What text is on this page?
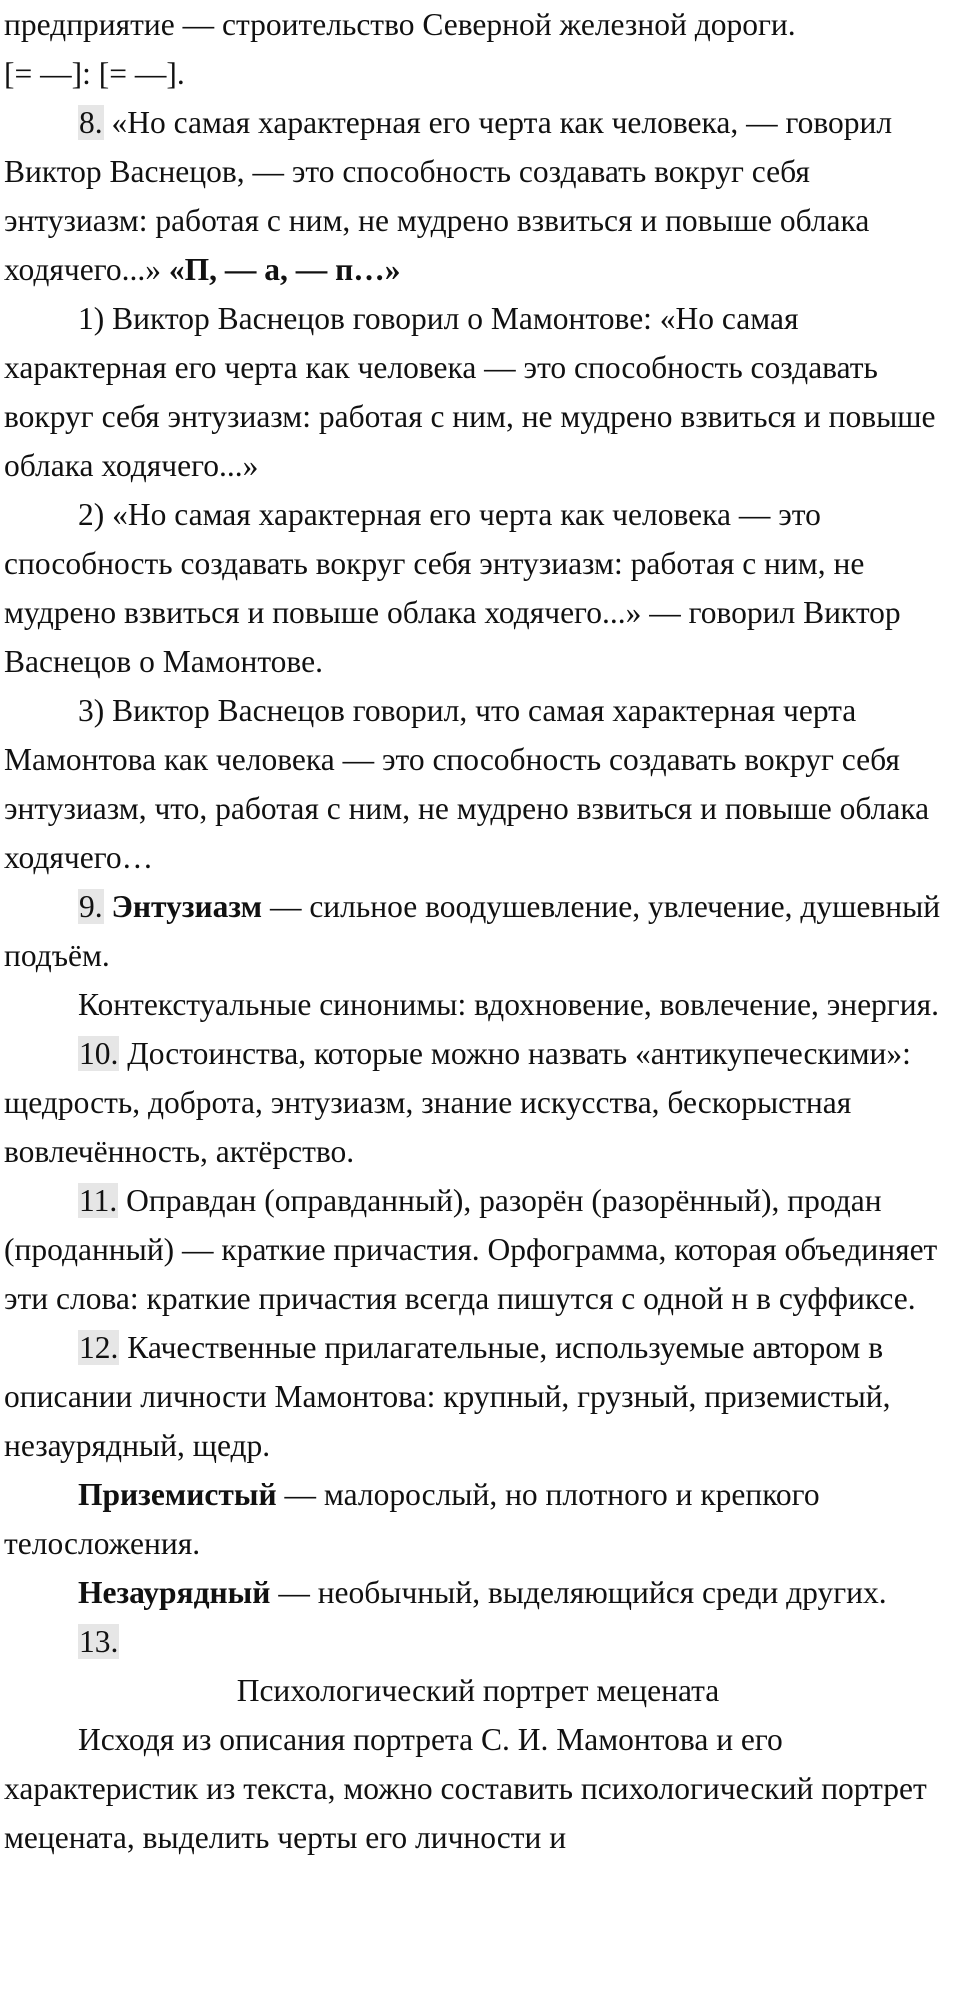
предприятие — строительство Северной железной дороги.
[= —]: [= —].

8. «Но самая характерная его черта как человека, — говорил Виктор Васнецов, — это способность создавать вокруг себя энтузиазм: работая с ним, не мудрено взвиться и повыше облака ходячего...» «П, — а, — п…»

1) Виктор Васнецов говорил о Мамонтове: «Но самая характерная его черта как человека — это способность создавать вокруг себя энтузиазм: работая с ним, не мудрено взвиться и повыше облака ходячего...»

2) «Но самая характерная его черта как человека — это способность создавать вокруг себя энтузиазм: работая с ним, не мудрено взвиться и повыше облака ходячего...» — говорил Виктор Васнецов о Мамонтове.

3) Виктор Васнецов говорил, что самая характерная черта Мамонтова как человека — это способность создавать вокруг себя энтузиазм, что, работая с ним, не мудрено взвиться и повыше облака ходячего…

9. Энтузиазм — сильное воодушевление, увлечение, душевный подъём.

Контекстуальные синонимы: вдохновение, вовлечение, энергия.

10. Достоинства, которые можно назвать «антикупеческими»: щедрость, доброта, энтузиазм, знание искусства, бескорыстная вовлечённость, актёрство.

11. Оправдан (оправданный), разорён (разорённый), продан (проданный) — краткие причастия. Орфограмма, которая объединяет эти слова: краткие причастия всегда пишутся с одной н в суффиксе.

12. Качественные прилагательные, используемые автором в описании личности Мамонтова: крупный, грузный, приземистый, незаурядный, щедр.

Приземистый — малорослый, но плотного и крепкого телосложения.

Незаурядный — необычный, выделяющийся среди других.

13.

Психологический портрет мецената

Исходя из описания портрета С. И. Мамонтова и его характеристик из текста, можно составить психологический портрет мецената, выделить черты его личности и
